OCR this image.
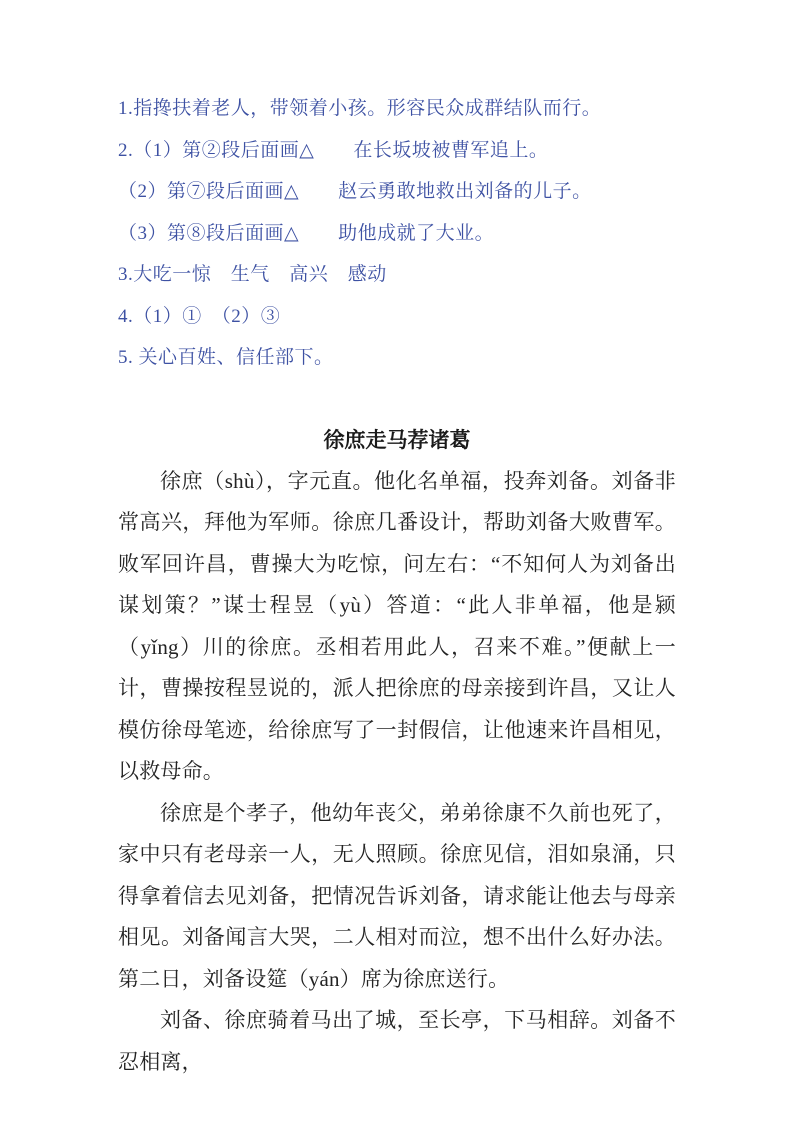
1.指搀扶着老人，带领着小孩。形容民众成群结队而行。
2.（1）第②段后面画△　　在长坂坡被曹军追上。
（2）第⑦段后面画△　　赵云勇敢地救出刘备的儿子。
（3）第⑧段后面画△　　助他成就了大业。
3.大吃一惊　生气　高兴　感动
4.（1）①　（2）③
5. 关心百姓、信任部下。
徐庶走马荐诸葛

徐庶（shù），字元直。他化名单福，投奔刘备。刘备非常高兴，拜他为军师。徐庶几番设计，帮助刘备大败曹军。败军回许昌，曹操大为吃惊，问左右：“不知何人为刘备出谋划策？”谋士程昱（yù）答道：“此人非单福，他是颍（yǐng）川的徐庶。丞相若用此人，召来不难。”便献上一计，曹操按程昱说的，派人把徐庶的母亲接到许昌，又让人模仿徐母笔迹，给徐庶写了一封假信，让他速来许昌相见，以救母命。

徐庶是个孝子，他幼年丧父，弟弟徐康不久前也死了，家中只有老母亲一人，无人照顾。徐庶见信，泪如泉涌，只得拿着信去见刘备，把情况告诉刘备，请求能让他去与母亲相见。刘备闻言大哭，二人相对而泣，想不出什么好办法。第二日，刘备设筵（yán）席为徐庶送行。

刘备、徐庶骑着马出了城，至长亭，下马相辞。刘备不忍相离，
